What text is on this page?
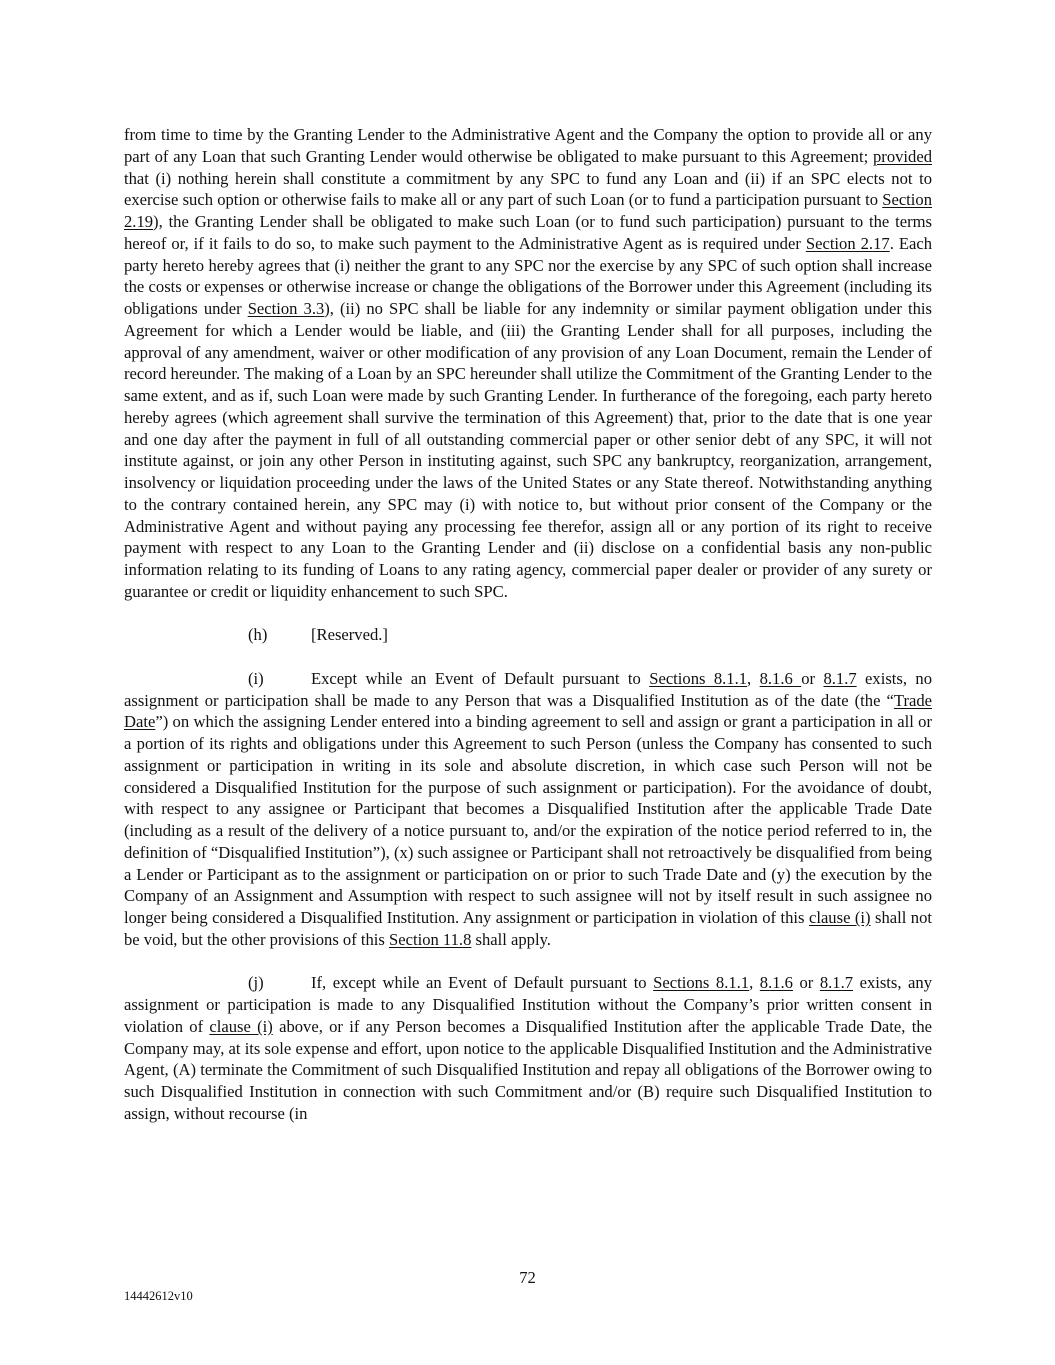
from time to time by the Granting Lender to the Administrative Agent and the Company the option to provide all or any part of any Loan that such Granting Lender would otherwise be obligated to make pursuant to this Agreement; provided that (i) nothing herein shall constitute a commitment by any SPC to fund any Loan and (ii) if an SPC elects not to exercise such option or otherwise fails to make all or any part of such Loan (or to fund a participation pursuant to Section 2.19), the Granting Lender shall be obligated to make such Loan (or to fund such participation) pursuant to the terms hereof or, if it fails to do so, to make such payment to the Administrative Agent as is required under Section 2.17. Each party hereto hereby agrees that (i) neither the grant to any SPC nor the exercise by any SPC of such option shall increase the costs or expenses or otherwise increase or change the obligations of the Borrower under this Agreement (including its obligations under Section 3.3), (ii) no SPC shall be liable for any indemnity or similar payment obligation under this Agreement for which a Lender would be liable, and (iii) the Granting Lender shall for all purposes, including the approval of any amendment, waiver or other modification of any provision of any Loan Document, remain the Lender of record hereunder. The making of a Loan by an SPC hereunder shall utilize the Commitment of the Granting Lender to the same extent, and as if, such Loan were made by such Granting Lender. In furtherance of the foregoing, each party hereto hereby agrees (which agreement shall survive the termination of this Agreement) that, prior to the date that is one year and one day after the payment in full of all outstanding commercial paper or other senior debt of any SPC, it will not institute against, or join any other Person in instituting against, such SPC any bankruptcy, reorganization, arrangement, insolvency or liquidation proceeding under the laws of the United States or any State thereof. Notwithstanding anything to the contrary contained herein, any SPC may (i) with notice to, but without prior consent of the Company or the Administrative Agent and without paying any processing fee therefor, assign all or any portion of its right to receive payment with respect to any Loan to the Granting Lender and (ii) disclose on a confidential basis any non-public information relating to its funding of Loans to any rating agency, commercial paper dealer or provider of any surety or guarantee or credit or liquidity enhancement to such SPC.

(h)	[Reserved.]

(i)	Except while an Event of Default pursuant to Sections 8.1.1, 8.1.6 or 8.1.7 exists, no assignment or participation shall be made to any Person that was a Disqualified Institution as of the date (the “Trade Date”) on which the assigning Lender entered into a binding agreement to sell and assign or grant a participation in all or a portion of its rights and obligations under this Agreement to such Person (unless the Company has consented to such assignment or participation in writing in its sole and absolute discretion, in which case such Person will not be considered a Disqualified Institution for the purpose of such assignment or participation). For the avoidance of doubt, with respect to any assignee or Participant that becomes a Disqualified Institution after the applicable Trade Date (including as a result of the delivery of a notice pursuant to, and/or the expiration of the notice period referred to in, the definition of “Disqualified Institution”), (x) such assignee or Participant shall not retroactively be disqualified from being a Lender or Participant as to the assignment or participation on or prior to such Trade Date and (y) the execution by the Company of an Assignment and Assumption with respect to such assignee will not by itself result in such assignee no longer being considered a Disqualified Institution. Any assignment or participation in violation of this clause (i) shall not be void, but the other provisions of this Section 11.8 shall apply.

(j)	If, except while an Event of Default pursuant to Sections 8.1.1, 8.1.6 or 8.1.7 exists, any assignment or participation is made to any Disqualified Institution without the Company’s prior written consent in violation of clause (i) above, or if any Person becomes a Disqualified Institution after the applicable Trade Date, the Company may, at its sole expense and effort, upon notice to the applicable Disqualified Institution and the Administrative Agent, (A) terminate the Commitment of such Disqualified Institution and repay all obligations of the Borrower owing to such Disqualified Institution in connection with such Commitment and/or (B) require such Disqualified Institution to assign, without recourse (in

72
14442612v10
